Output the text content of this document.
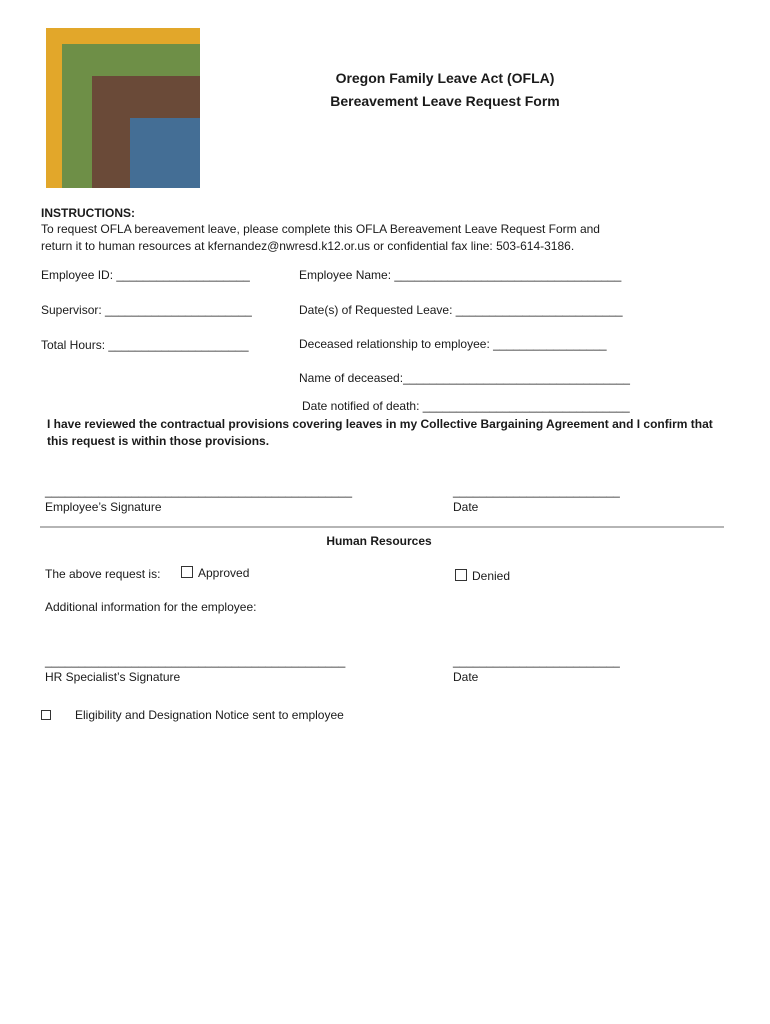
Oregon Family Leave Act (OFLA)
Bereavement Leave Request Form
INSTRUCTIONS:
To request OFLA bereavement leave, please complete this OFLA Bereavement Leave Request Form and
return it to human resources at kfernandez@nwresd.k12.or.us or confidential fax line: 503-614-3186.
Employee ID: ____________________	Employee Name: __________________________________
Supervisor: ______________________	Date(s) of Requested Leave: _________________________
Total Hours: _____________________	Deceased relationship to employee: _________________
Name of deceased:__________________________________
Date notified of death: _______________________________
I have reviewed the contractual provisions covering leaves in my Collective Bargaining Agreement and I confirm that
this request is within those provisions.
______________________________________________
Employee’s Signature
_________________________
Date
Human Resources
The above request is:	Approved	Denied
Additional information for the employee:
_____________________________________________
HR Specialist’s Signature
_________________________
Date
Eligibility and Designation Notice sent to employee
